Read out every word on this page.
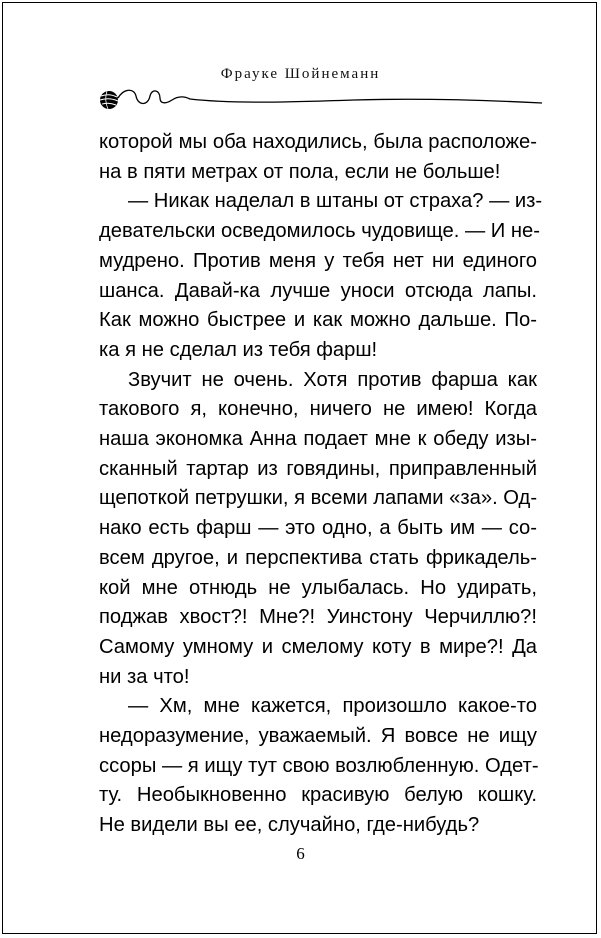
Фрауке Шойнеманн
которой мы оба находились, была расположе-
на в пяти метрах от пола, если не больше!
— Никак наделал в штаны от страха? — из-
девательски осведомилось чудовище. — И не-
мудрено. Против меня у тебя нет ни единого
шанса. Давай-ка лучше уноси отсюда лапы.
Как можно быстрее и как можно дальше. По-
ка я не сделал из тебя фарш!
Звучит не очень. Хотя против фарша как
такового я, конечно, ничего не имею! Когда
наша экономка Анна подает мне к обеду изы-
сканный тартар из говядины, приправленный
щепоткой петрушки, я всеми лапами «за». Од-
нако есть фарш — это одно, а быть им — со-
всем другое, и перспектива стать фрикадель-
кой мне отнюдь не улыбалась. Но удирать,
поджав хвост?! Мне?! Уинстону Черчиллю?!
Самому умному и смелому коту в мире?! Да
ни за что!
— Хм, мне кажется, произошло какое-то
недоразумение, уважаемый. Я вовсе не ищу
ссоры — я ищу тут свою возлюбленную. Одет-
ту. Необыкновенно красивую белую кошку.
Не видели вы ее, случайно, где-нибудь?
6
